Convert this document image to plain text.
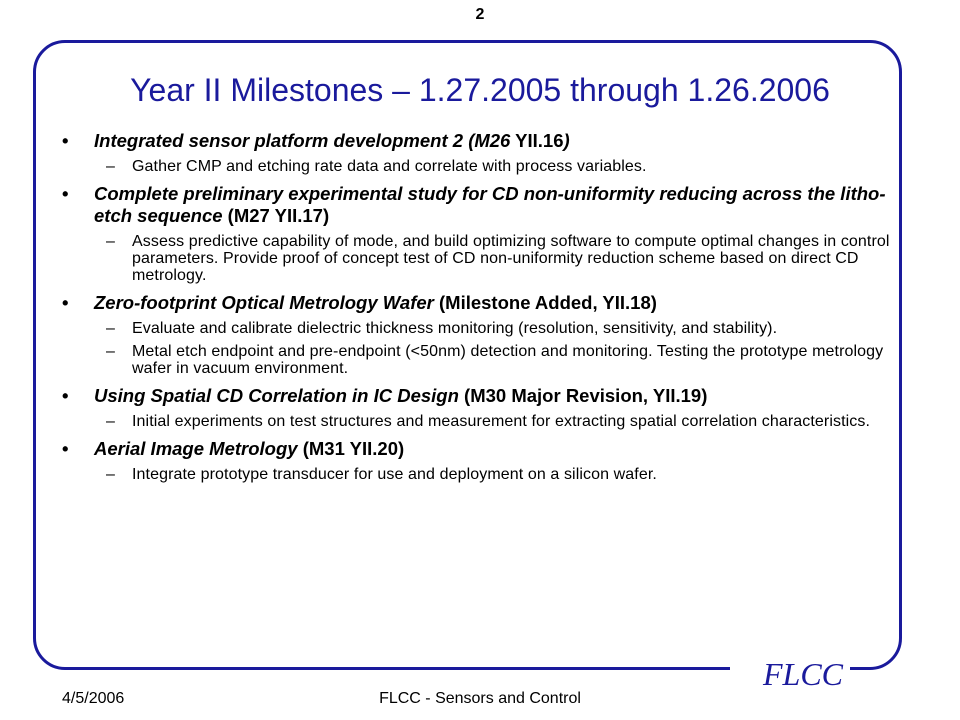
2
FLCC
Year II Milestones – 1.27.2005 through 1.26.2006
• Integrated sensor platform development 2 (M26 YII.16)
– Gather CMP and etching rate data and correlate with process variables.
• Complete preliminary experimental study for CD non-uniformity reducing across the litho-etch sequence (M27 YII.17)
– Assess predictive capability of mode, and build optimizing software to compute optimal changes in control parameters. Provide proof of concept test of CD non-uniformity reduction scheme based on direct CD metrology.
• Zero-footprint Optical Metrology Wafer (Milestone Added, YII.18)
– Evaluate and calibrate dielectric thickness monitoring (resolution, sensitivity, and stability).
– Metal etch endpoint and pre-endpoint (<50nm) detection and monitoring. Testing the prototype metrology wafer in vacuum environment.
• Using Spatial CD Correlation in IC Design (M30 Major Revision, YII.19)
– Initial experiments on test structures and measurement for extracting spatial correlation characteristics.
• Aerial Image Metrology (M31 YII.20)
– Integrate prototype transducer for use and deployment on a silicon wafer.
4/5/2006	FLCC - Sensors and Control
